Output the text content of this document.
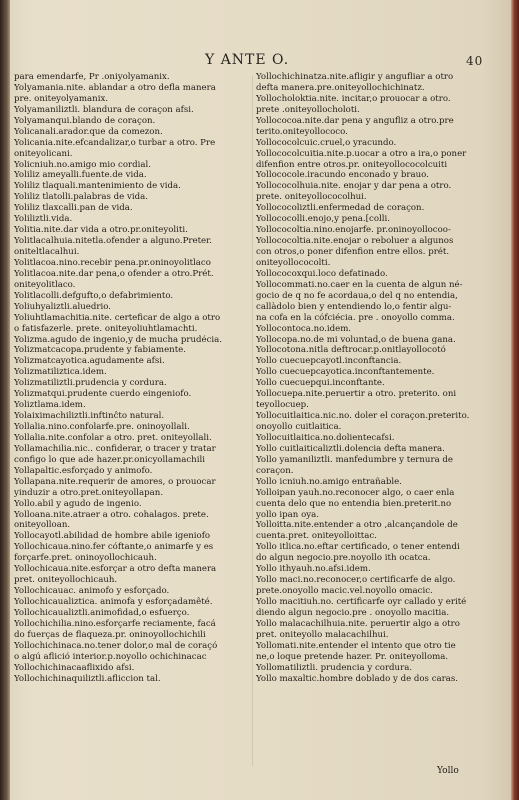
Y ANTE O.	40
para emendarfe, Pr .oniyolyamanix.
Yolyamania.nite. ablandar a otro defla manera
pre. oniteyolyamanix.
Yolyamaniliztli. blandura de coraçon afsi.
Yolyamanqui.blando de coraçon.
Yolicanali.arador.que da comezon.
Yolicania.nite.efcandalizar,o turbar a otro. Pre
oniteyolicani.
Yolicniuh.no.amigo mio cordial.
Yoliliz ameyalli.fuente.de vida.
Yoliliz tlaquali.mantenimiento de vida.
Yoliliz tlatolli.palabras de vida.
Yoliliz tlaxcalli.pan de vida.
Yoliliztli.vida.
Yolitia.nite.dar vida a otro.pr.oniteyoliti.
Yolitlacalhuia.nitetla.ofender a alguno.Preter.
oniteltlacalhui.
Yolitlacoa.nino.recebir pena.pr.oninoyolitlaco
Yolitlacoa.nite.dar pena,o ofender a otro.Prét.
oniteyolitlaco.
Yolitlacolli.defgufto,o defabrimiento.
Yoliuhyaliztli.aluedrio.
Yoliuhtlamachitia.nite. certeficar de algo a otro
o fatisfazerle. prete. oniteyoliuhtlamachti.
Yolizma.agudo de ingenio,y de mucha prudécia.
Yolizmatcacopa.prudente y fabiamente.
Yolizmatcayotica.agudamente afsi.
Yolizmatiliztica.idem.
Yolizmatiliztli.prudencia y cordura.
Yolizmatqui.prudente cuerdo eingeniofo.
Yoliztlama.idem.
Yolaiximachiliztli.inftinĉto natural.
Yollalia.nino.confolarfe.pre. oninoyollali.
Yollalia.nite.confolar a otro. pret. oniteyollali.
Yollamachilia.nic.. confiderar, o tracer y tratar
configo lo que ade hazer.pr.onicyollamachili
Yollapaltic.esforçado y animofo.
Yollapana.nite.requerir de amores, o prouocar
yinduzir a otro.pret.oniteyollapan.
Yollo.abil y agudo de ingenio.
Yolloana.nite.atraer a otro. cohalagos. prete.
oniteyolloan.
Yollocayotl.abilidad de hombre abile igeniofo
Yollochicaua.nino.fer cóftante,o animarfe y es
forçarfe.pret. oninoyollochicauh.
Yollochicaua.nite.esforçar a otro defta manera
pret. oniteyollochicauh.
Yollochicauac. animofo y esforçado.
Yollochicaualiztica. animofa y esforçadamêté.
Yollochicaualiztli.animofidad,o esfuerço.
Yollochichilia.nino.esforçarfe reciamente, facá
do fuerças de flaqueza.pr. oninoyollochichili
Yollochichinaca.no.tener dolor,o mal de coraçó
o algú aflició interior.p.noyollo ochichinacac
Yollochichinacaaflixido afsi.
Yollochichinaquiliztli.afliccion tal.
Yollochichinatza.nite.afligir y angufliar a otro
defta manera.pre.oniteyollochichinatz.
Yollocholoktia.nite. incitar,o prouocar a otro.
prete .oniteyollocholoti.
Yollococoa.nite.dar pena y angufliz a otro.pre
terito.oniteyollococo.
Yollococolcuic.cruel,o yracundo.
Yollococolcuitia.nite.p.uocar a otro a ira,o poner
difenfion entre otros.pr. oniteyollococolcuiti
Yollococole.iracundo enconado y brauo.
Yollococolhuia.nite. enojar y dar pena a otro.
prete. oniteyollococolhui.
Yollococoliztli.enfermedad de coraçon.
Yollococolli.enojo,y pena.[colli.
Yollococoltia.nino.enojarfe. pr.oninoyollocoo-
Yollococoltia.nite.enojar o reboluer a algunos
con otros,o poner difenfion entre ellos. prét.
oniteyollococolti.
Yollococoxqui.loco defatinado.
Yollocommati.no.caer en la cuenta de algun né-
gocio de q no fe acordaua,o del q no entendia,
callàdolo bien y entendiendo lo,o fentir algu-
na cofa en la cófciécia. pre . onoyollo comma.
Yollocontoca.no.idem.
Yollocopa.no.de mi voluntad,o de buena gana.
Yollocotona.nitla deftrocar.p.onitlayollocotó
Yollo cuecuepcayotl.inconftancia.
Yollo cuecuepcayotica.inconftantemente.
Yollo cuecuepqui.inconftante.
Yollocuepa.nite.peruertir a otro. preterito. oni
teyollocuep.
Yollocuitlaitica.nic.no. doler el coraçon.preterito.
onoyollo cuitlaitica.
Yollocuitlaitica.no.dolientecafsi.
Yollo cuitlaiticaliztli.dolencia defta manera.
Yollo yamaniliztli. manfedumbre y ternura de
coraçon.
Yollo icniuh.no.amigo entrañable.
Yolloipan yauh.no.reconocer algo, o caer enla
cuenta delo que no entendia bien.preterit.no
yollo ipan oya.
Yolloitta.nite.entender a otro ,alcançandole de
cuenta.pret. oniteyolloittac.
Yollo itlica.no.eftar certificado, o tener entendi
do algun negocio.pre.noyollo ith ocatca.
Yollo ithyauh.no.afsi.idem.
Yollo maci.no.reconocer,o certificarfe de algo.
prete.onoyollo macic.vel.noyollo omacic.
Yollo macitiuh.no. certificarfe oyr callado y erité
diendo algun negocio.pre . onoyollo macitia.
Yollo malacachilhuia.nite. peruertir algo a otro
pret. oniteyollo malacachilhui.
Yollomati.nite.entender el intento que otro tie
ne,o loque pretende hazer. Pr. oniteyolloma.
Yollomatiliztli. prudencia y cordura.
Yollo maxaltic.hombre doblado y de dos caras.
Yollo
